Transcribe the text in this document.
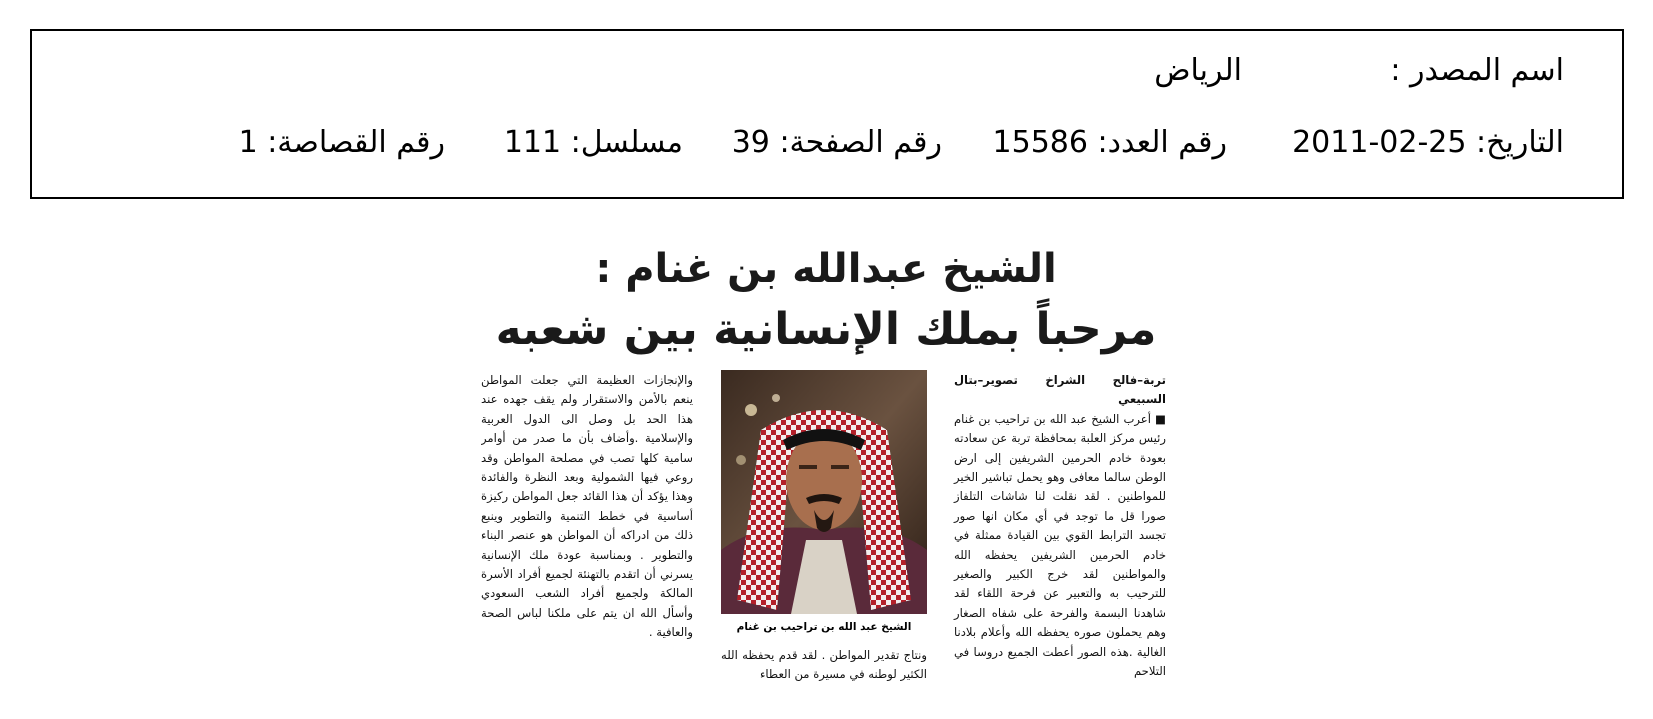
اسم المصدر :
الرياض
التاريخ: 25-02-2011
رقم العدد: 15586
رقم الصفحة: 39
مسلسل: 111
رقم القصاصة: 1
الشيخ عبدالله بن غنام :
مرحباً بملك الإنسانية بين شعبه
تربة–فالح الشراخ تصوير–بتال السبيعي
■ أعرب الشيخ عبد الله بن تراحيب بن غنام رئيس مركز العلبة بمحافظة تربة عن سعادته بعودة خادم الحرمين الشريفين إلى ارض الوطن سالما معافى وهو يحمل تباشير الخير للمواطنين . لقد نقلت لنا شاشات التلفاز صورا قل ما توجد في أي مكان انها صور تجسد الترابط القوي بين القيادة ممثلة في خادم الحرمين الشريفين يحفظه الله والمواطنين لقد خرج الكبير والصغير للترحيب به والتعبير عن فرحة اللقاء لقد شاهدنا البسمة والفرحة على شفاه الصغار وهم يحملون صوره يحفظه الله وأعلام بلادنا الغالية .هذه الصور أعطت الجميع دروسا في التلاحم
الشيخ عبد الله بن تراحيب بن غنام
ونتاج تقدير المواطن . لقد قدم يحفظه الله الكثير لوطنه في مسيرة من العطاء
والإنجازات العظيمة التي جعلت المواطن ينعم بالأمن والاستقرار ولم يقف جهده عند هذا الحد بل وصل الى الدول العربية والإسلامية .وأضاف بأن ما صدر من أوامر سامية كلها تصب في مصلحة المواطن وقد روعي فيها الشمولية وبعد النظرة والفائدة وهذا يؤكد أن هذا القائد جعل المواطن ركيزة أساسية في خطط التنمية والتطوير وينبع ذلك من ادراكه أن المواطن هو عنصر البناء والتطوير . وبمناسبة عودة ملك الإنسانية يسرني أن اتقدم بالتهنئة لجميع أفراد الأسرة المالكة ولجميع أفراد الشعب السعودي وأسأل الله ان يتم على ملكنا لباس الصحة والعافية .
